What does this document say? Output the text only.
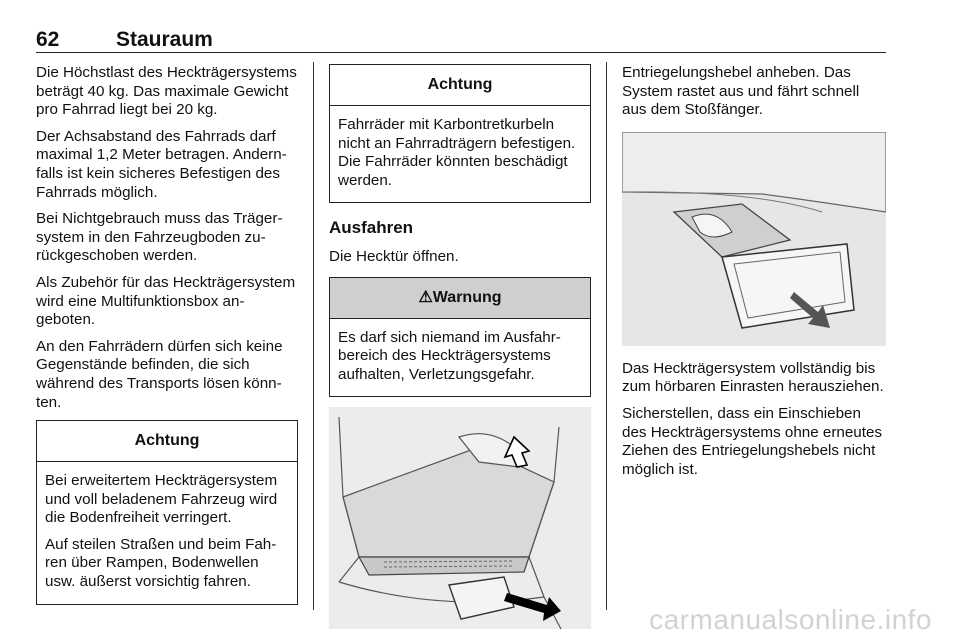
62	Stauraum

Die Höchstlast des Heckträgersystems beträgt 40 kg. Das maximale Gewicht pro Fahrrad liegt bei 20 kg.

Der Achsabstand des Fahrrads darf maximal 1,2 Meter betragen. Andernfalls ist kein sicheres Befestigen des Fahrrads möglich.

Bei Nichtgebrauch muss das Trägersystem in den Fahrzeugboden zurückgeschoben werden.

Als Zubehör für das Heckträgersystem wird eine Multifunktionsbox angeboten.

An den Fahrrädern dürfen sich keine Gegenstände befinden, die sich während des Transports lösen könnten.

Achtung

Bei erweitertem Heckträgersystem und voll beladenem Fahrzeug wird die Bodenfreiheit verringert.

Auf steilen Straßen und beim Fahren über Rampen, Bodenwellen usw. äußerst vorsichtig fahren.

Achtung

Fahrräder mit Karbontretkurbeln nicht an Fahrradträgern befestigen. Die Fahrräder könnten beschädigt werden.

Ausfahren

Die Hecktür öffnen.

⚠Warnung

Es darf sich niemand im Ausfahrbereich des Heckträgersystems aufhalten, Verletzungsgefahr.

Entriegelungshebel anheben. Das System rastet aus und fährt schnell aus dem Stoßfänger.

Das Heckträgersystem vollständig bis zum hörbaren Einrasten herausziehen.

Sicherstellen, dass ein Einschieben des Heckträgersystems ohne erneutes Ziehen des Entriegelungshebels nicht möglich ist.

carmanualsonline.info
